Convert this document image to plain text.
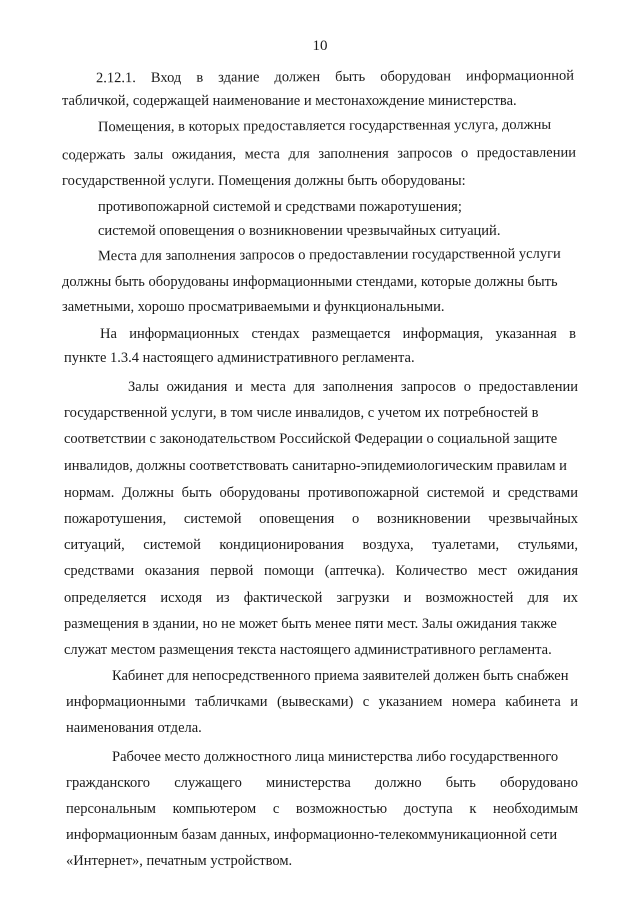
10
2.12.1. Вход в здание должен быть оборудован информационной
табличкой, содержащей наименование и местонахождение министерства.
Помещения, в которых предоставляется государственная услуга, должны
содержать залы ожидания, места для заполнения запросов о предоставлении
государственной услуги. Помещения должны быть оборудованы:
противопожарной системой и средствами пожаротушения;
системой оповещения о возникновении чрезвычайных ситуаций.
Места для заполнения запросов о предоставлении государственной услуги
должны быть оборудованы информационными стендами, которые должны быть
заметными, хорошо просматриваемыми и функциональными.
На информационных стендах размещается информация, указанная в
пункте 1.3.4 настоящего административного регламента.
Залы ожидания и места для заполнения запросов о предоставлении
государственной услуги, в том числе инвалидов, с учетом их потребностей в
соответствии с законодательством Российской Федерации о социальной защите
инвалидов, должны соответствовать санитарно-эпидемиологическим правилам и
нормам. Должны быть оборудованы противопожарной системой и средствами
пожаротушения, системой оповещения о возникновении чрезвычайных
ситуаций, системой кондиционирования воздуха, туалетами, стульями,
средствами оказания первой помощи (аптечка). Количество мест ожидания
определяется исходя из фактической загрузки и возможностей для их
размещения в здании, но не может быть менее пяти мест. Залы ожидания также
служат местом размещения текста настоящего административного регламента.
Кабинет для непосредственного приема заявителей должен быть снабжен
информационными табличками (вывесками) с указанием номера кабинета и
наименования отдела.
Рабочее место должностного лица министерства либо государственного
гражданского служащего министерства должно быть оборудовано
персональным компьютером с возможностью доступа к необходимым
информационным базам данных, информационно-телекоммуникационной сети
«Интернет», печатным устройством.
